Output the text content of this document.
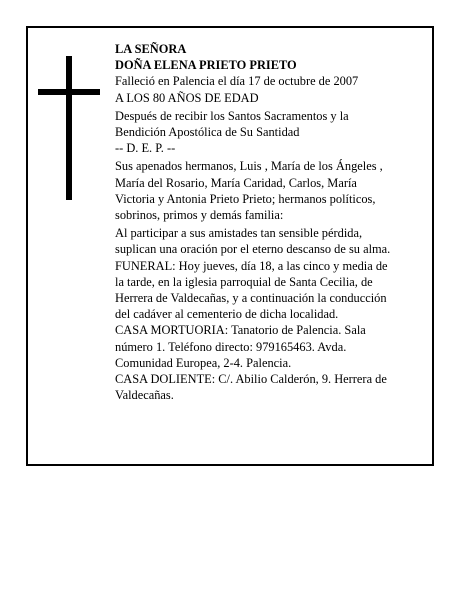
LA SEÑORA

DOÑA ELENA PRIETO PRIETO

Falleció en Palencia el día 17 de octubre de 2007

A LOS 80 AÑOS DE EDAD

Después de recibir los Santos Sacramentos y la

Bendición Apostólica de Su Santidad

-- D. E. P. --

Sus apenados hermanos, Luis , María de los Ángeles ,

María del Rosario, María Caridad, Carlos, María

Victoria y Antonia Prieto Prieto; hermanos políticos,

sobrinos, primos y demás familia:

Al participar a sus amistades tan sensible pérdida,

suplican una oración por el eterno descanso de su alma.

FUNERAL: Hoy jueves, día 18, a las cinco y media de

la tarde, en la iglesia parroquial de Santa Cecilia, de

Herrera de Valdecañas, y a continuación la conducción

del cadáver al cementerio de dicha localidad.

CASA MORTUORIA: Tanatorio de Palencia. Sala

número 1. Teléfono directo: 979165463. Avda.

Comunidad Europea, 2-4. Palencia.

CASA DOLIENTE: C/. Abilio Calderón, 9. Herrera de

Valdecañas.
